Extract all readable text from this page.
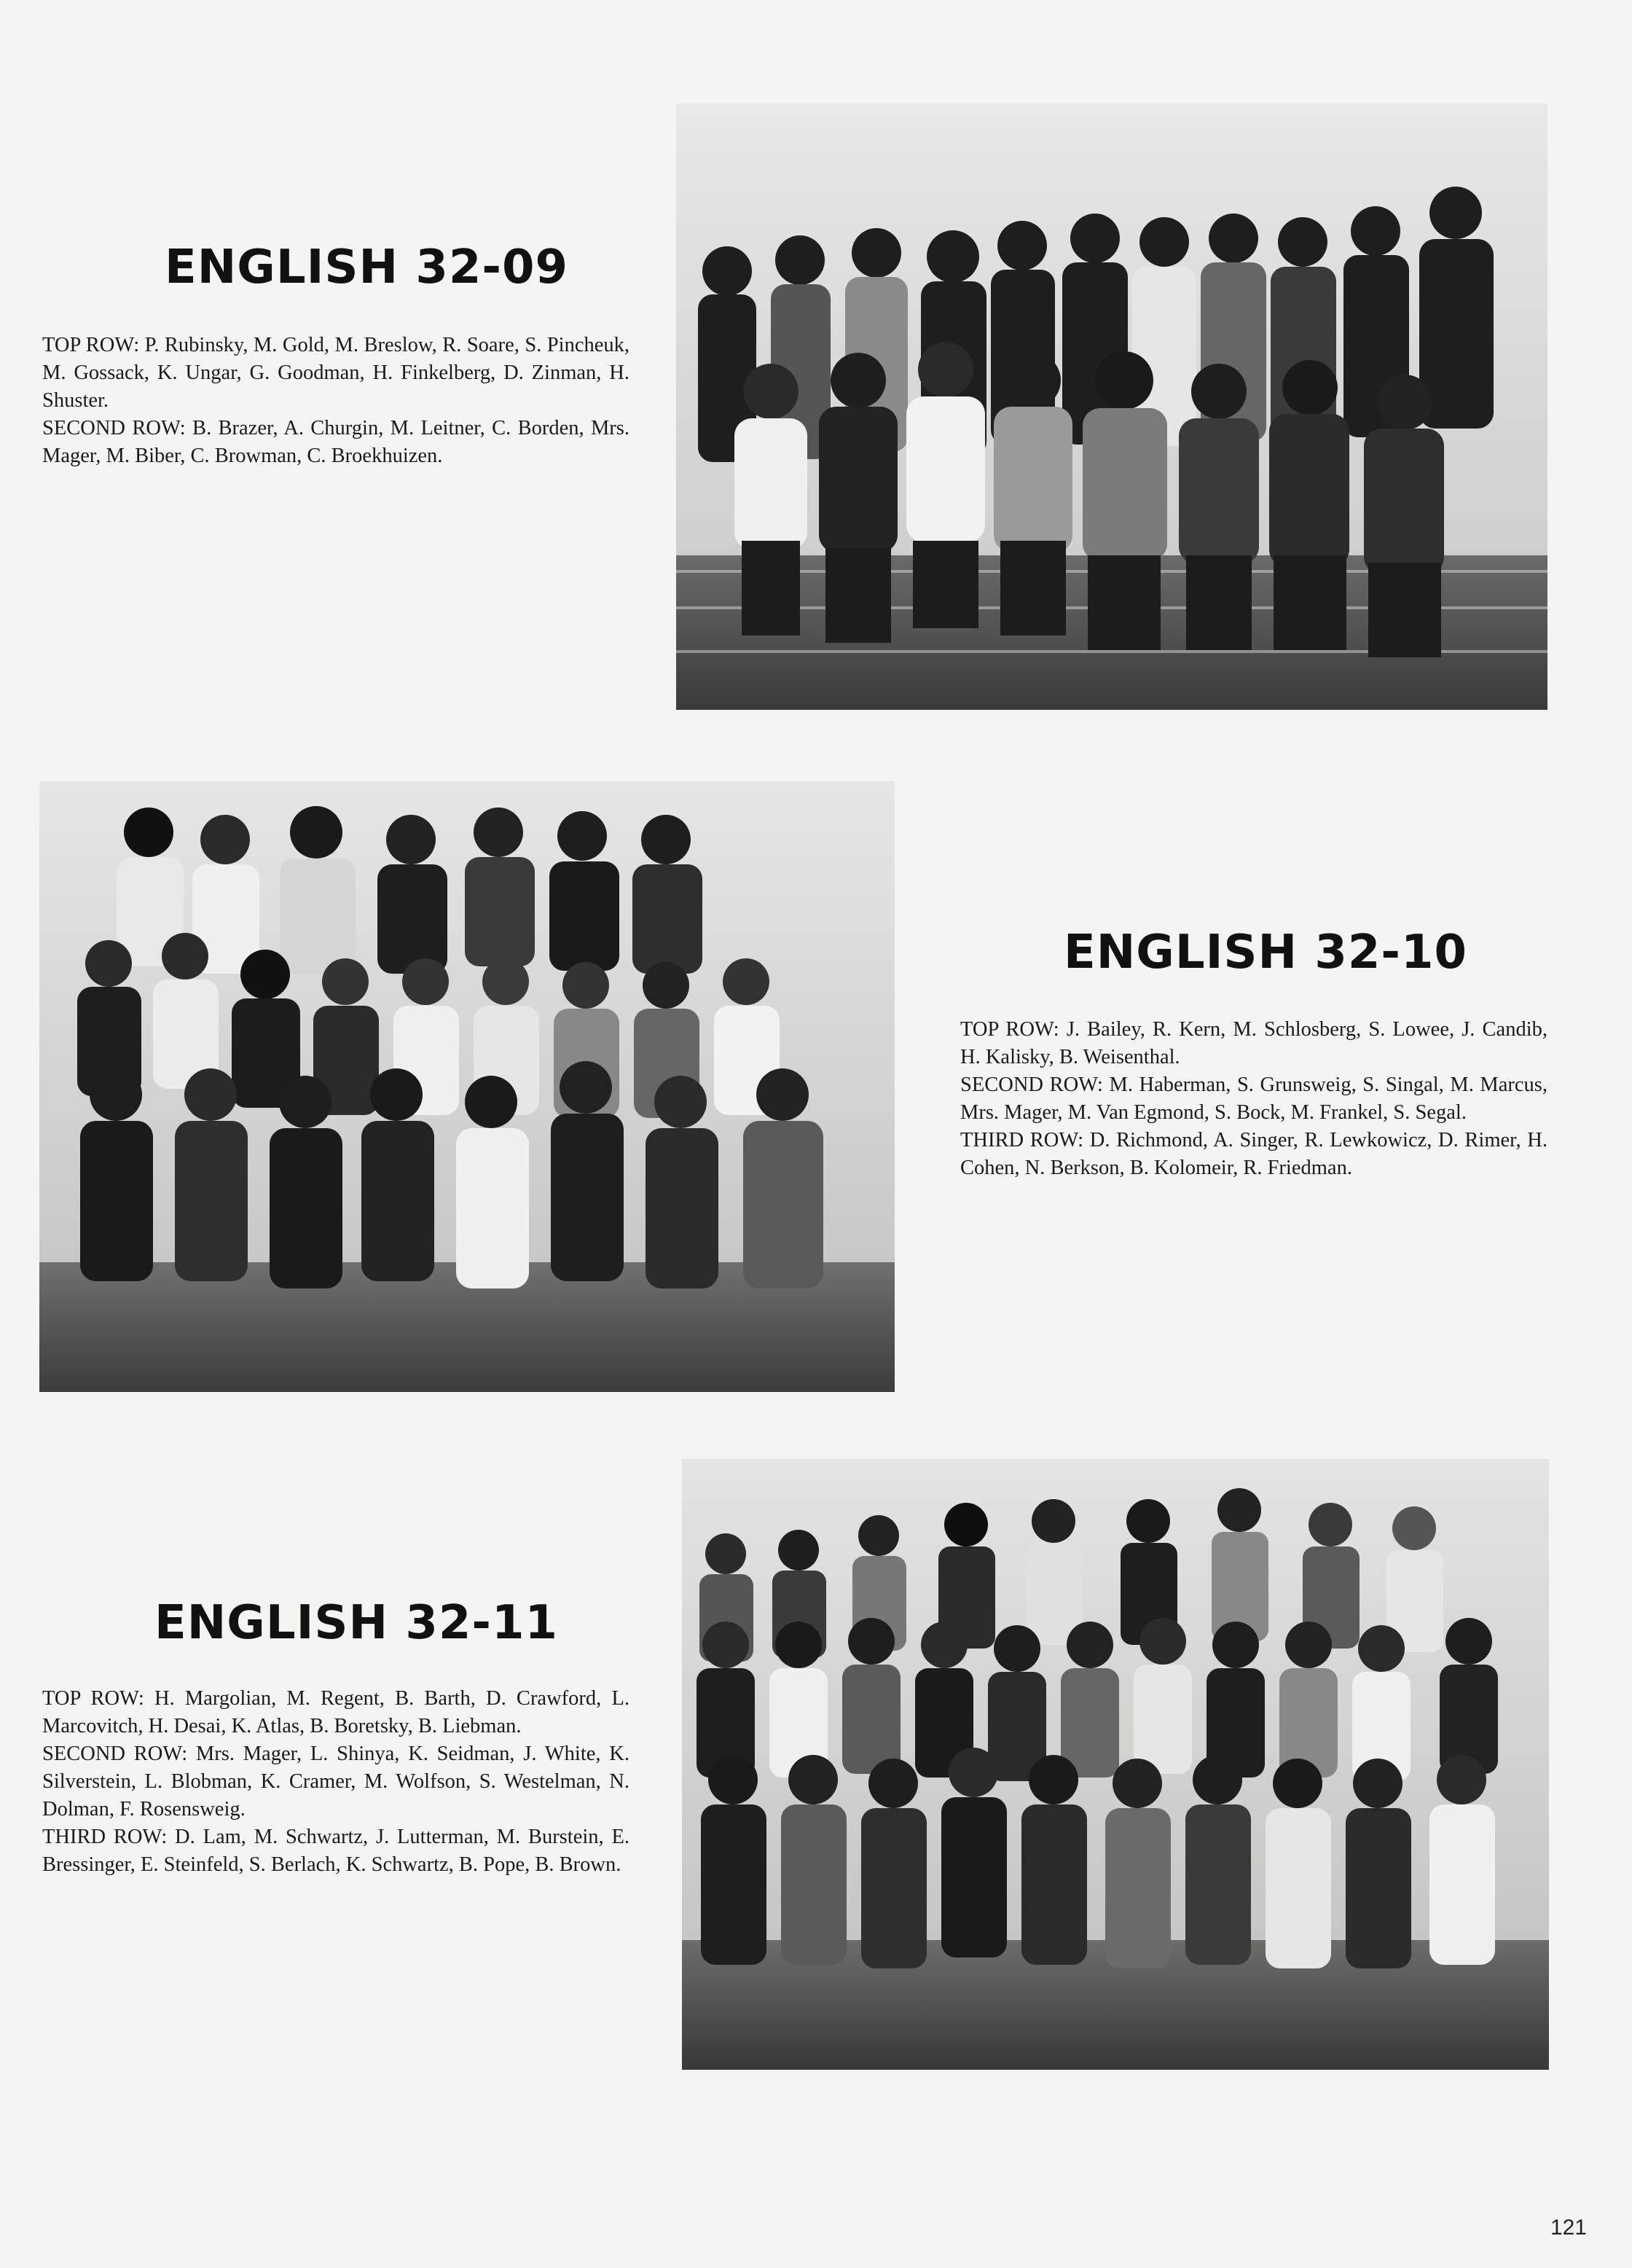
ENGLISH 32-09

TOP ROW: P. Rubinsky, M. Gold, M. Breslow, R. Soare, S. Pincheuk, M. Gossack, K. Ungar, G. Goodman, H. Finkelberg, D. Zinman, H. Shuster.

SECOND ROW: B. Brazer, A. Churgin, M. Leitner, C. Borden, Mrs. Mager, M. Biber, C. Browman, C. Broekhuizen.

ENGLISH 32-10

TOP ROW: J. Bailey, R. Kern, M. Schlosberg, S. Lowee, J. Candib, H. Kalisky, B. Weisenthal.

SECOND ROW: M. Haberman, S. Grunsweig, S. Singal, M. Marcus, Mrs. Mager, M. Van Egmond, S. Bock, M. Frankel, S. Segal.

THIRD ROW: D. Richmond, A. Singer, R. Lewkowicz, D. Rimer, H. Cohen, N. Berkson, B. Kolomeir, R. Friedman.

ENGLISH 32-11

TOP ROW: H. Margolian, M. Regent, B. Barth, D. Crawford, L. Marcovitch, H. Desai, K. Atlas, B. Boretsky, B. Liebman.

SECOND ROW: Mrs. Mager, L. Shinya, K. Seidman, J. White, K. Silverstein, L. Blobman, K. Cramer, M. Wolfson, S. Westelman, N. Dolman, F. Rosensweig.

THIRD ROW: D. Lam, M. Schwartz, J. Lutterman, M. Burstein, E. Bressinger, E. Steinfeld, S. Berlach, K. Schwartz, B. Pope, B. Brown.

121
